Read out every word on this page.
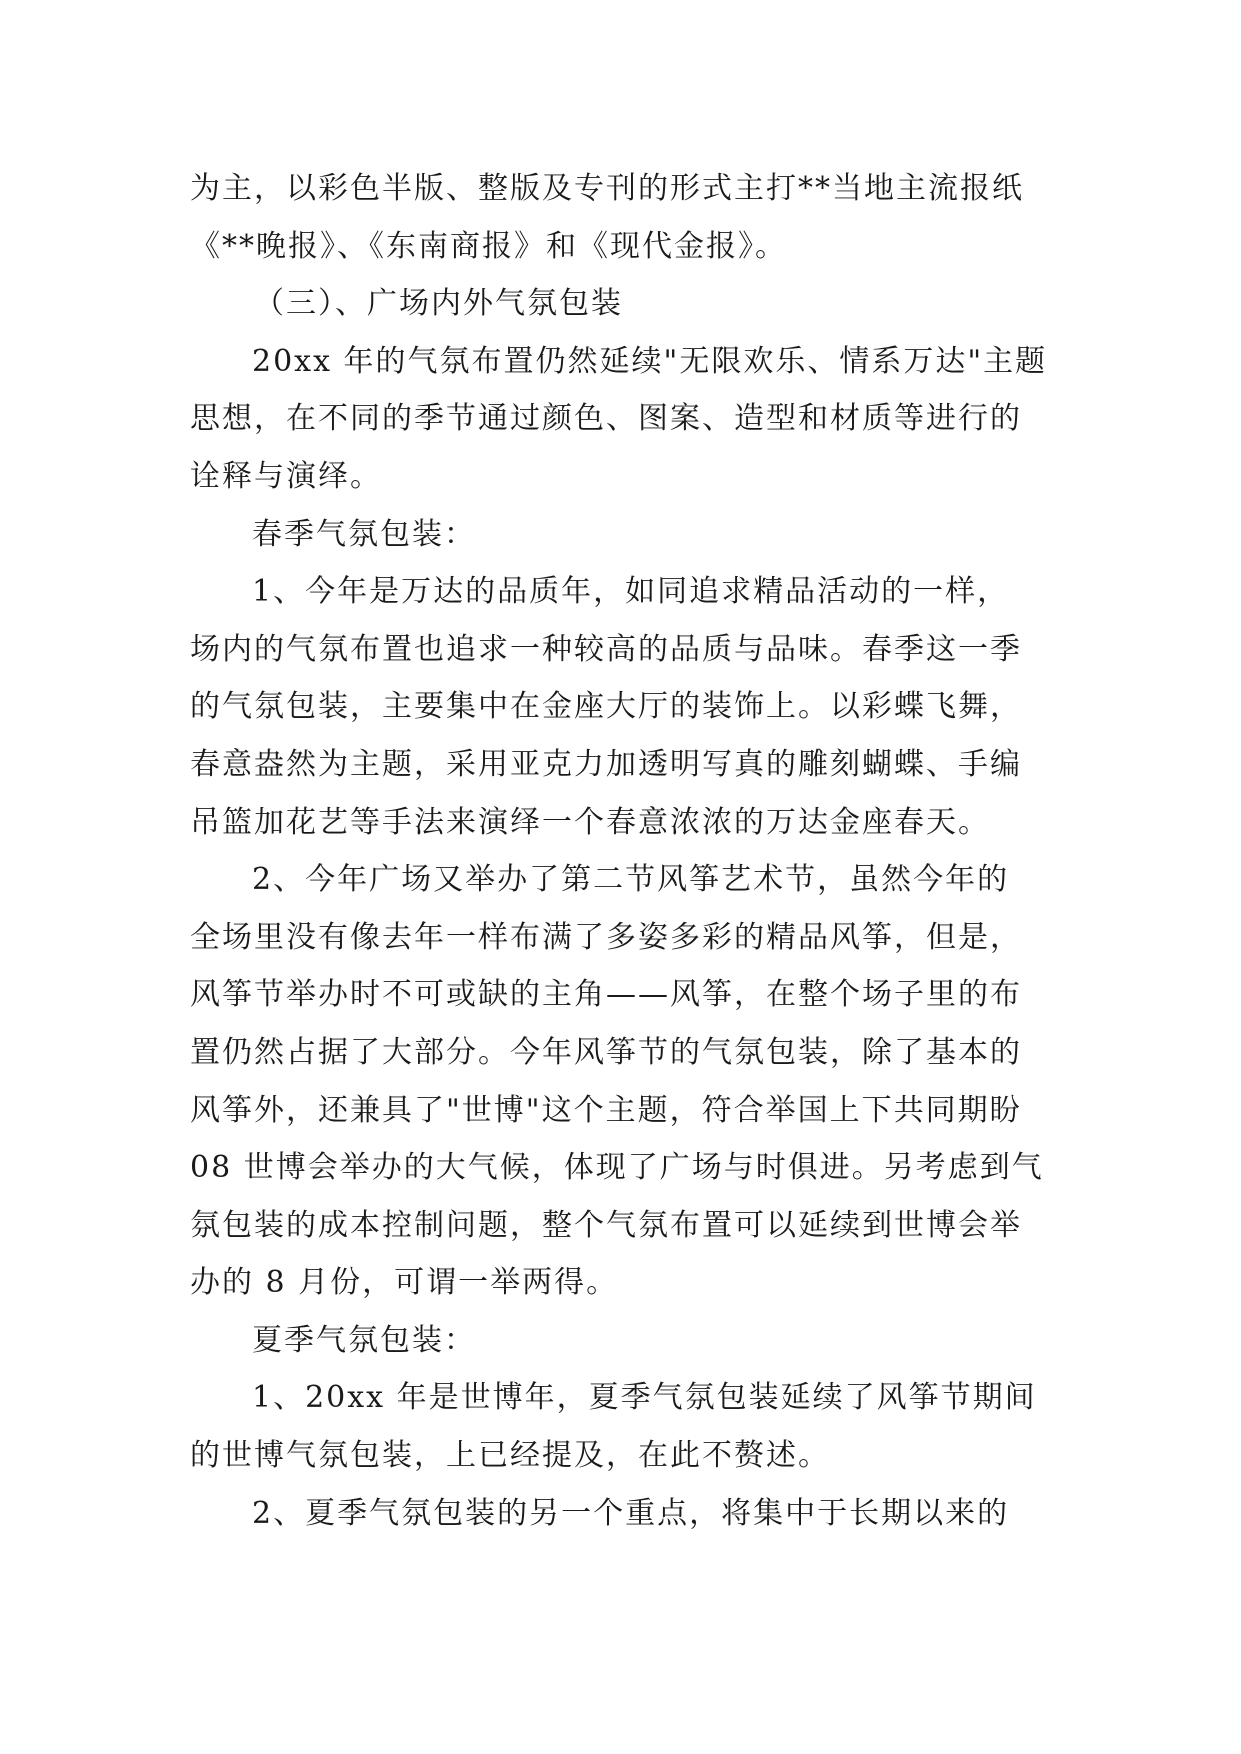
为主，以彩色半版、整版及专刊的形式主打**当地主流报纸
《**晚报》、《东南商报》和《现代金报》。
（三）、广场内外气氛包装
20xx 年的气氛布置仍然延续"无限欢乐、情系万达"主题
思想，在不同的季节通过颜色、图案、造型和材质等进行的
诠释与演绎。
春季气氛包装：
1、今年是万达的品质年，如同追求精品活动的一样，
场内的气氛布置也追求一种较高的品质与品味。春季这一季
的气氛包装，主要集中在金座大厅的装饰上。以彩蝶飞舞，
春意盎然为主题，采用亚克力加透明写真的雕刻蝴蝶、手编
吊篮加花艺等手法来演绎一个春意浓浓的万达金座春天。
2、今年广场又举办了第二节风筝艺术节，虽然今年的
全场里没有像去年一样布满了多姿多彩的精品风筝，但是，
风筝节举办时不可或缺的主角——风筝，在整个场子里的布
置仍然占据了大部分。今年风筝节的气氛包装，除了基本的
风筝外，还兼具了"世博"这个主题，符合举国上下共同期盼
08 世博会举办的大气候，体现了广场与时俱进。另考虑到气
氛包装的成本控制问题，整个气氛布置可以延续到世博会举
办的 8 月份，可谓一举两得。
夏季气氛包装：
1、20xx 年是世博年，夏季气氛包装延续了风筝节期间
的世博气氛包装，上已经提及，在此不赘述。
2、夏季气氛包装的另一个重点，将集中于长期以来的
